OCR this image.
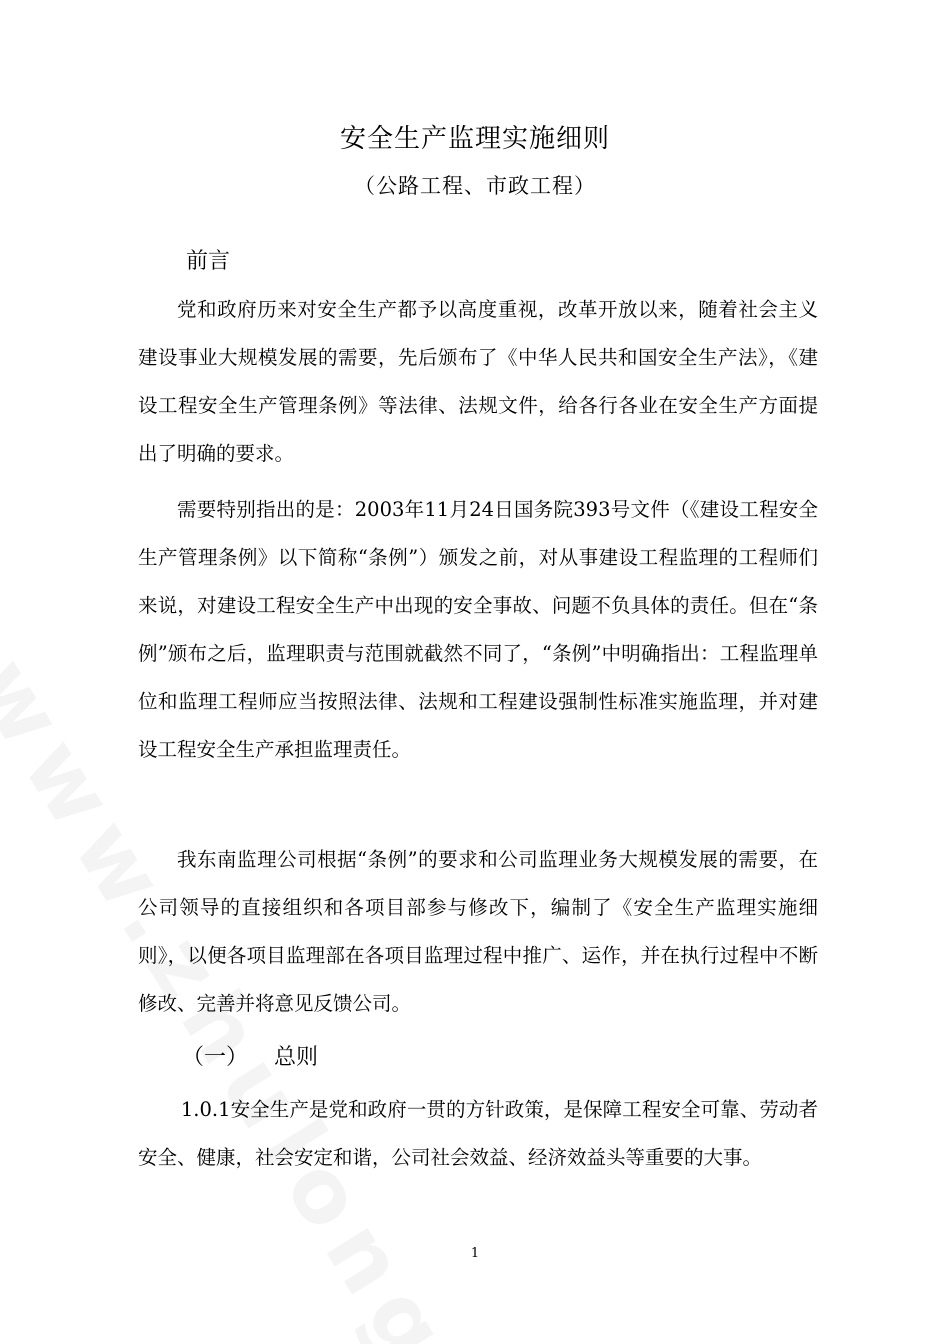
安全生产监理实施细则
（公路工程、市政工程）
前言
党和政府历来对安全生产都予以高度重视，改革开放以来，随着社会主义建设事业大规模发展的需要，先后颁布了《中华人民共和国安全生产法》，《建设工程安全生产管理条例》等法律、法规文件，给各行各业在安全生产方面提出了明确的要求。
需要特别指出的是：2003年11月24日国务院393号文件（《建设工程安全生产管理条例》以下简称“条例”）颁发之前，对从事建设工程监理的工程师们来说，对建设工程安全生产中出现的安全事故、问题不负具体的责任。但在“条例”颁布之后，监理职责与范围就截然不同了，“条例”中明确指出：工程监理单位和监理工程师应当按照法律、法规和工程建设强制性标准实施监理，并对建设工程安全生产承担监理责任。
我东南监理公司根据“条例”的要求和公司监理业务大规模发展的需要，在公司领导的直接组织和各项目部参与修改下，编制了《安全生产监理实施细则》，以便各项目监理部在各项目监理过程中推广、运作，并在执行过程中不断修改、完善并将意见反馈公司。
（一） 总则
1.0.1安全生产是党和政府一贯的方针政策，是保障工程安全可靠、劳动者安全、健康，社会安定和谐，公司社会效益、经济效益头等重要的大事。
1
